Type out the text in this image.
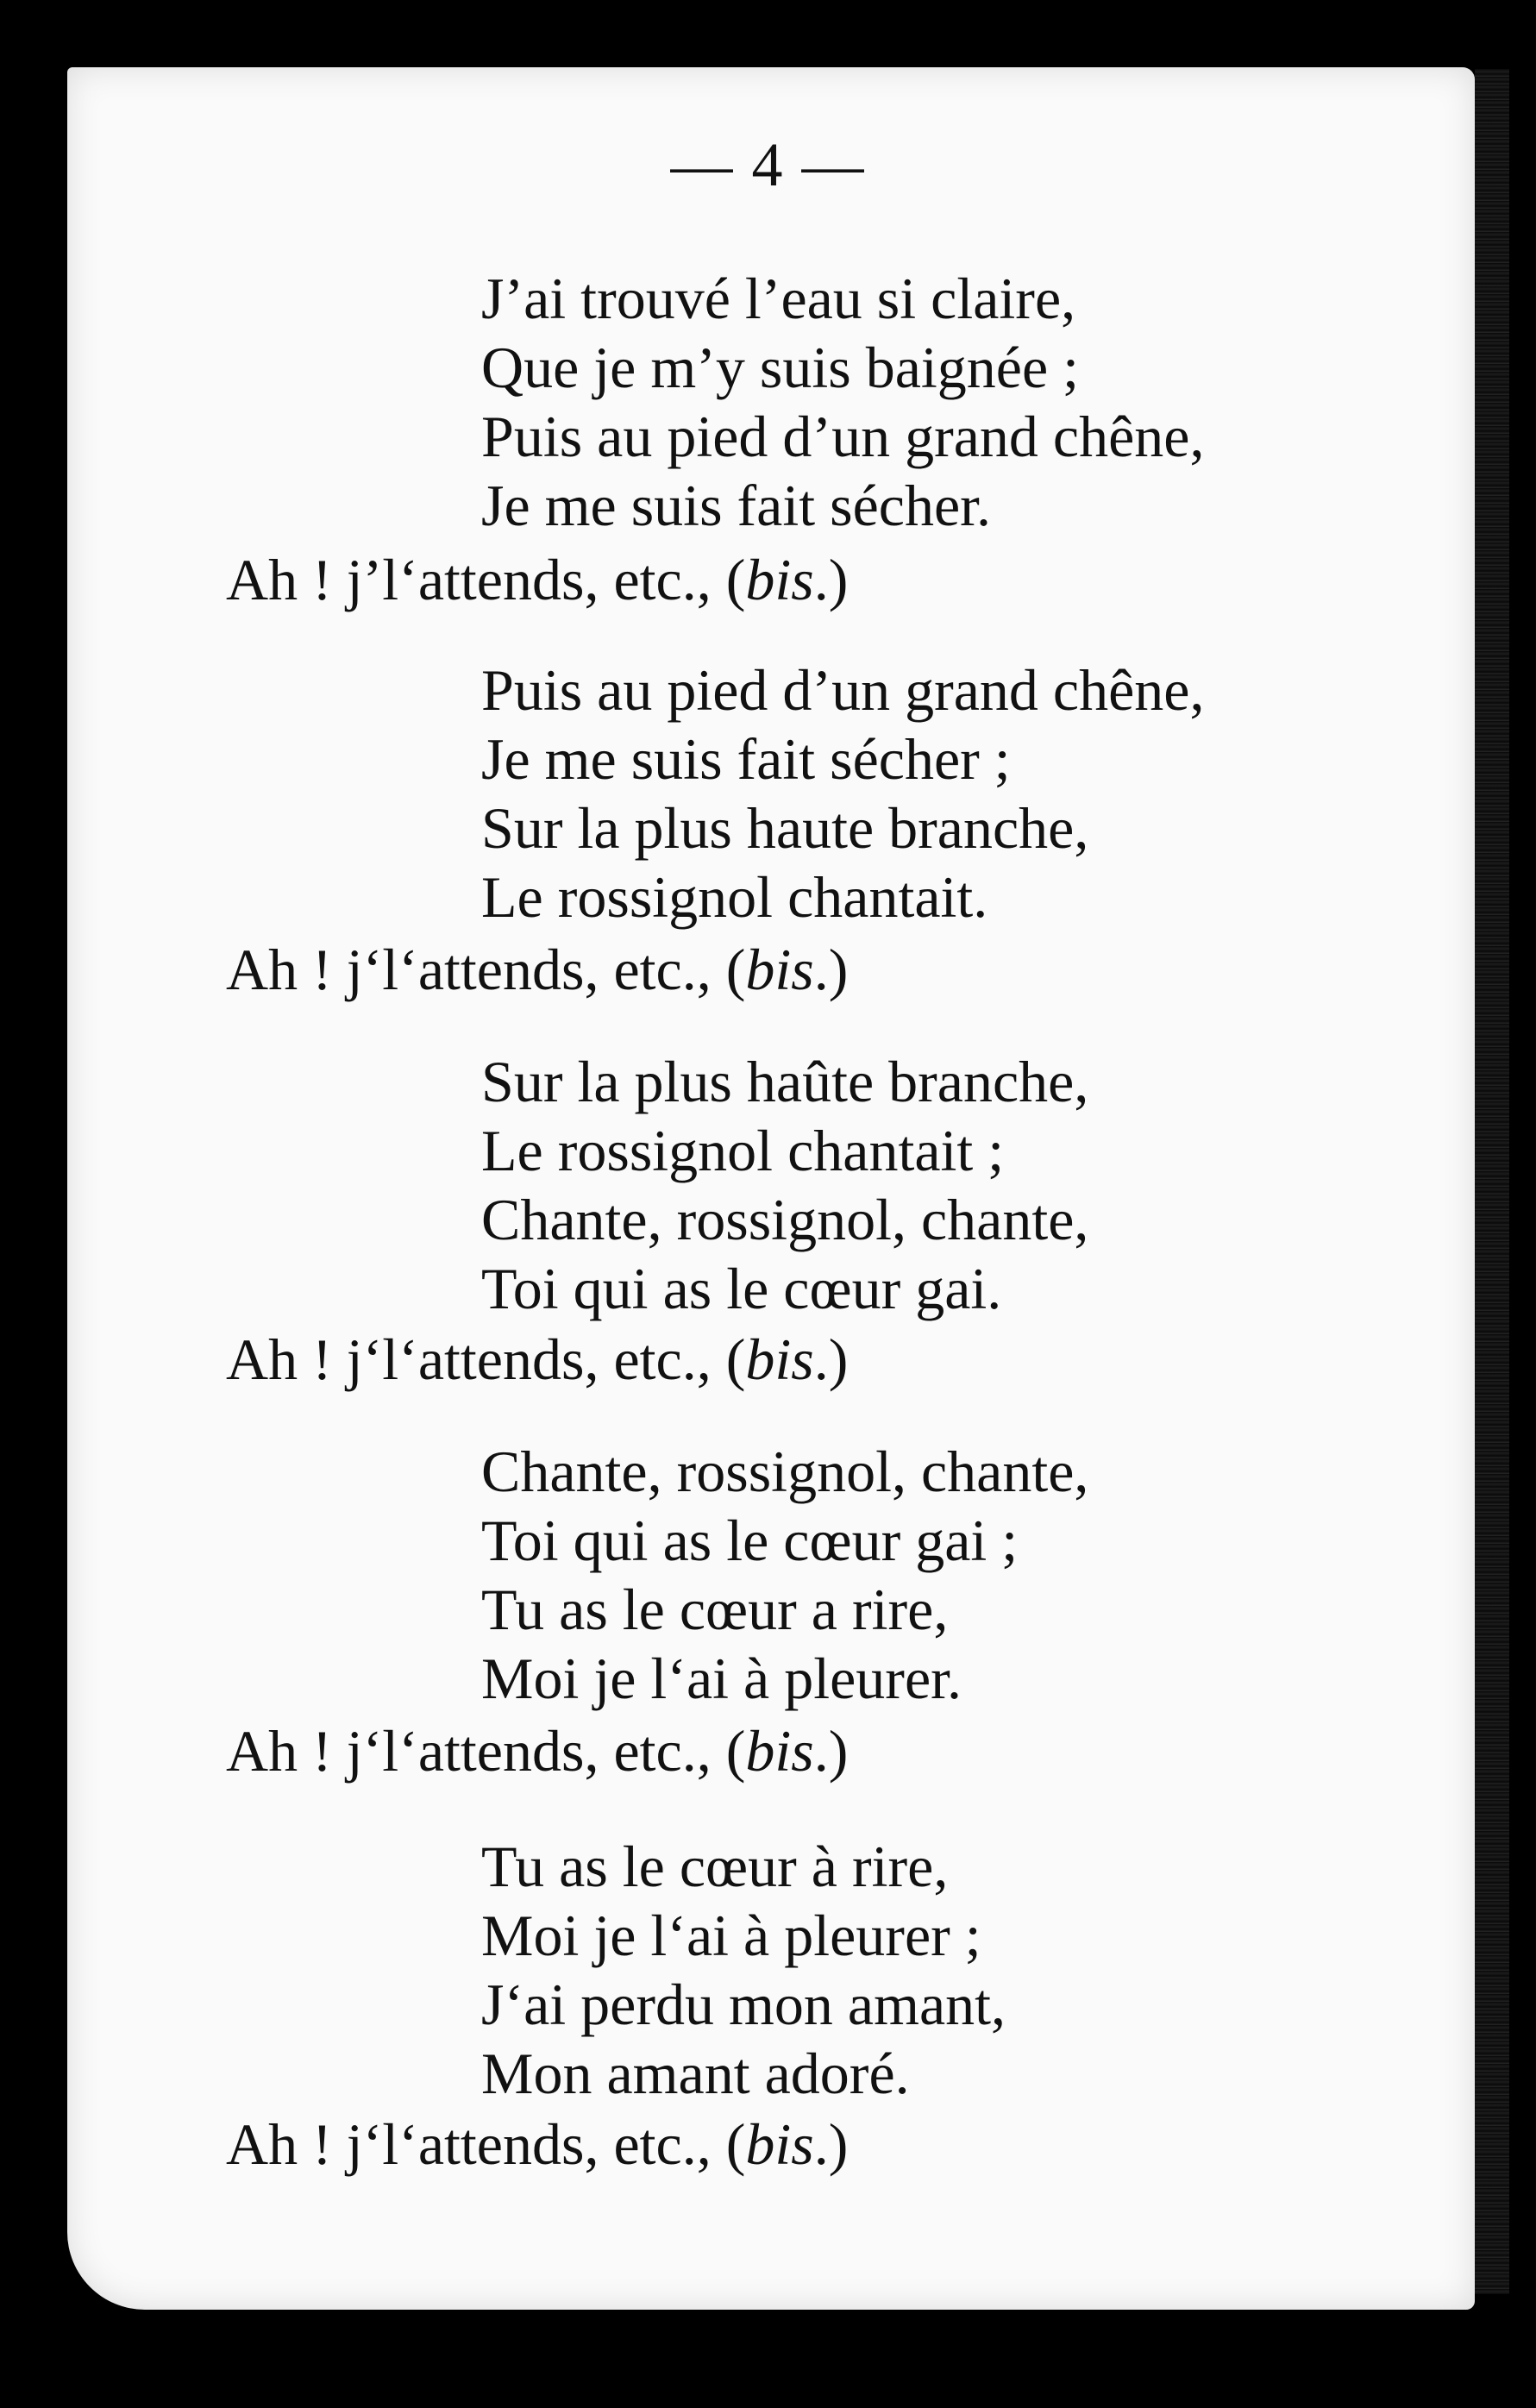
— 4 —
J’ai trouvé l’eau si claire,
Que je m’y suis baignée ;
Puis au pied d’un grand chêne,
Je me suis fait sécher.
Ah ! j’l‘attends, etc., (bis.)
Puis au pied d’un grand chêne,
Je me suis fait sécher ;
Sur la plus haute branche,
Le rossignol chantait.
Ah ! j‘l‘attends, etc., (bis.)
Sur la plus haûte branche,
Le rossignol chantait ;
Chante, rossignol, chante,
Toi qui as le cœur gai.
Ah ! j‘l‘attends, etc., (bis.)
Chante, rossignol, chante,
Toi qui as le cœur gai ;
Tu as le cœur a rire,
Moi je l‘ai à pleurer.
Ah ! j‘l‘attends, etc., (bis.)
Tu as le cœur à rire,
Moi je l‘ai à pleurer ;
J‘ai perdu mon amant,
Mon amant adoré.
Ah ! j‘l‘attends, etc., (bis.)
